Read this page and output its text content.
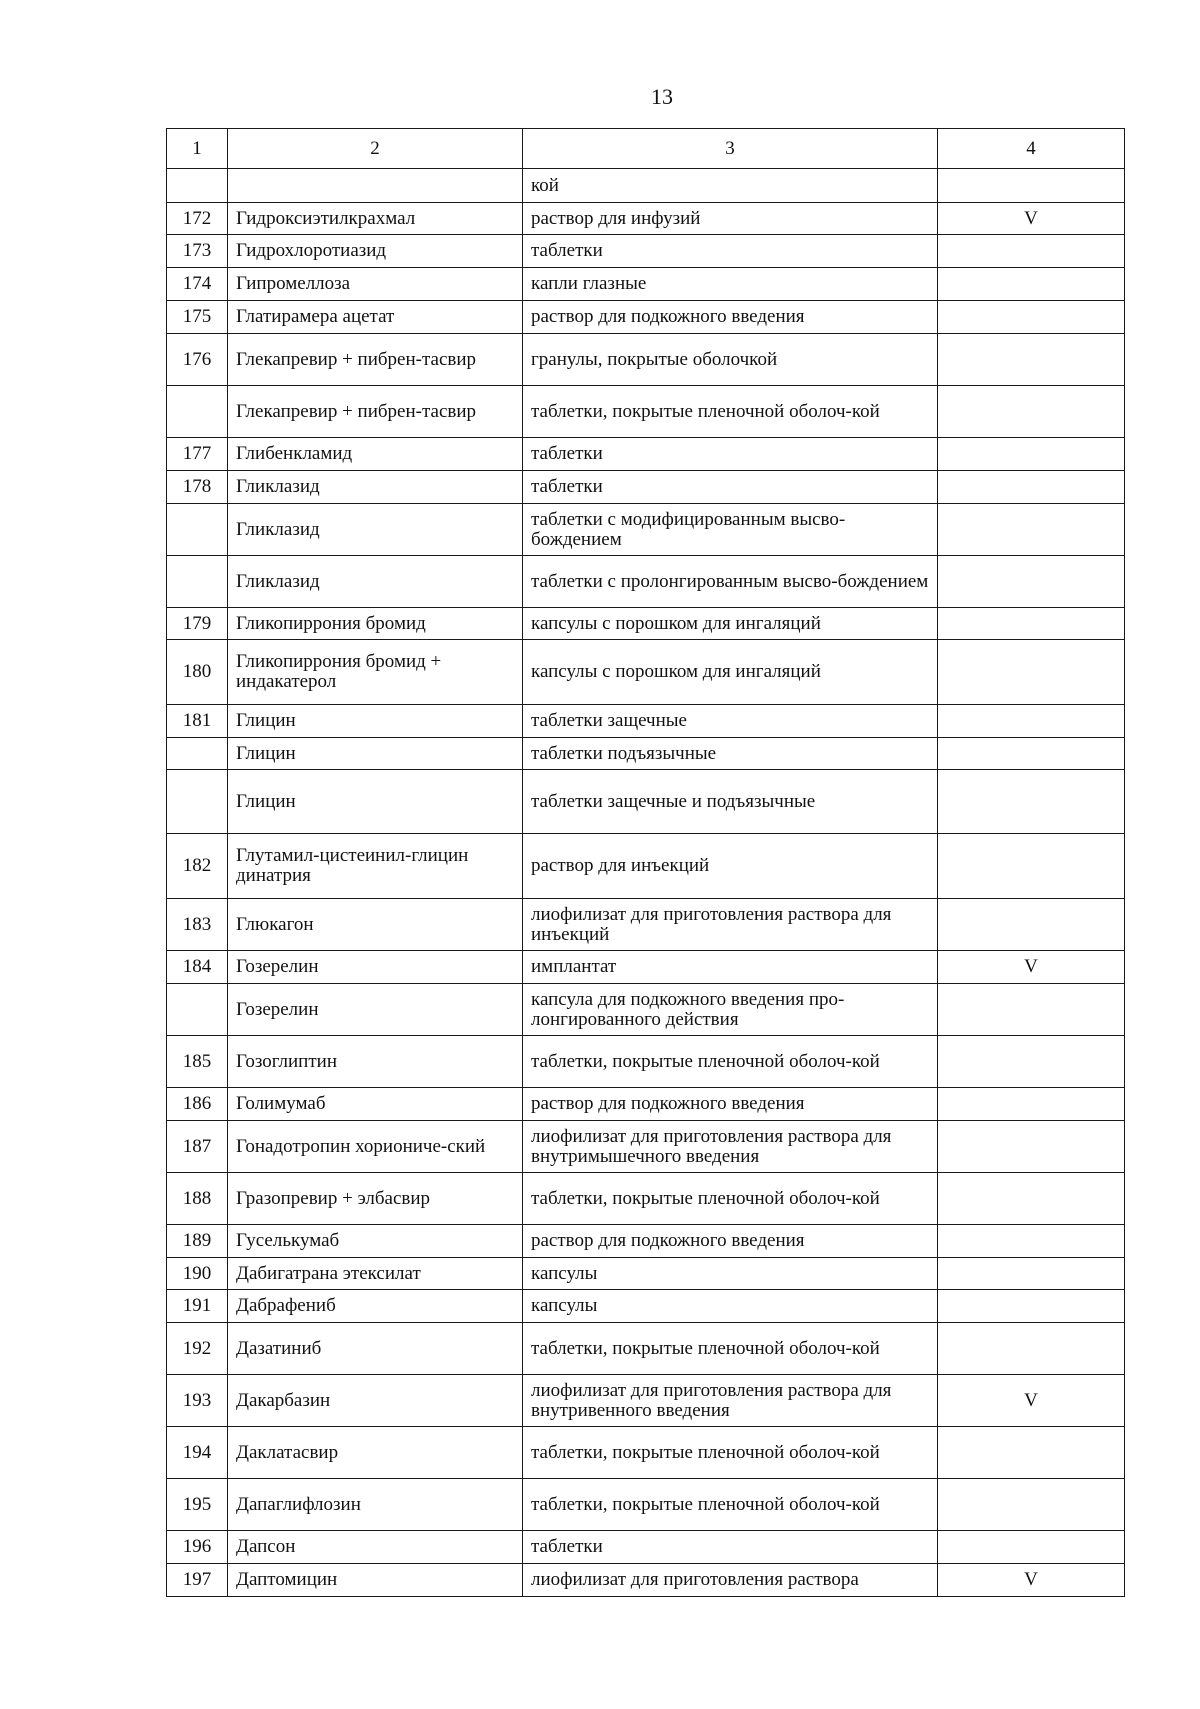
13
1	2	3	4
		кой	
172	Гидроксиэтилкрахмал	раствор для инфузий	V
173	Гидрохлоротиазид	таблетки	
174	Гипромеллоза	капли глазные	
175	Глатирамера ацетат	раствор для подкожного введения	
176	Глекапревир + пибрен-тасвир	гранулы, покрытые оболочкой	
	Глекапревир + пибрен-тасвир	таблетки, покрытые пленочной оболоч-кой	
177	Глибенкламид	таблетки	
178	Гликлазид	таблетки	
	Гликлазид	таблетки с модифицированным высво-бождением	
	Гликлазид	таблетки с пролонгированным высво-бождением	
179	Гликопиррония бромид	капсулы с порошком для ингаляций	
180	Гликопиррония бромид + индакатерол	капсулы с порошком для ингаляций	
181	Глицин	таблетки защечные	
	Глицин	таблетки подъязычные	
	Глицин	таблетки защечные и подъязычные	
182	Глутамил-цистеинил-глицин динатрия	раствор для инъекций	
183	Глюкагон	лиофилизат для приготовления раствора для инъекций	
184	Гозерелин	имплантат	V
	Гозерелин	капсула для подкожного введения про-лонгированного действия	
185	Гозоглиптин	таблетки, покрытые пленочной оболоч-кой	
186	Голимумаб	раствор для подкожного введения	
187	Гонадотропин хориониче-ский	лиофилизат для приготовления раствора для внутримышечного введения	
188	Гразопревир + элбасвир	таблетки, покрытые пленочной оболоч-кой	
189	Гуселькумаб	раствор для подкожного введения	
190	Дабигатрана этексилат	капсулы	
191	Дабрафениб	капсулы	
192	Дазатиниб	таблетки, покрытые пленочной оболоч-кой	
193	Дакарбазин	лиофилизат для приготовления раствора для внутривенного введения	V
194	Даклатасвир	таблетки, покрытые пленочной оболоч-кой	
195	Дапаглифлозин	таблетки, покрытые пленочной оболоч-кой	
196	Дапсон	таблетки	
197	Даптомицин	лиофилизат для приготовления раствора	V
